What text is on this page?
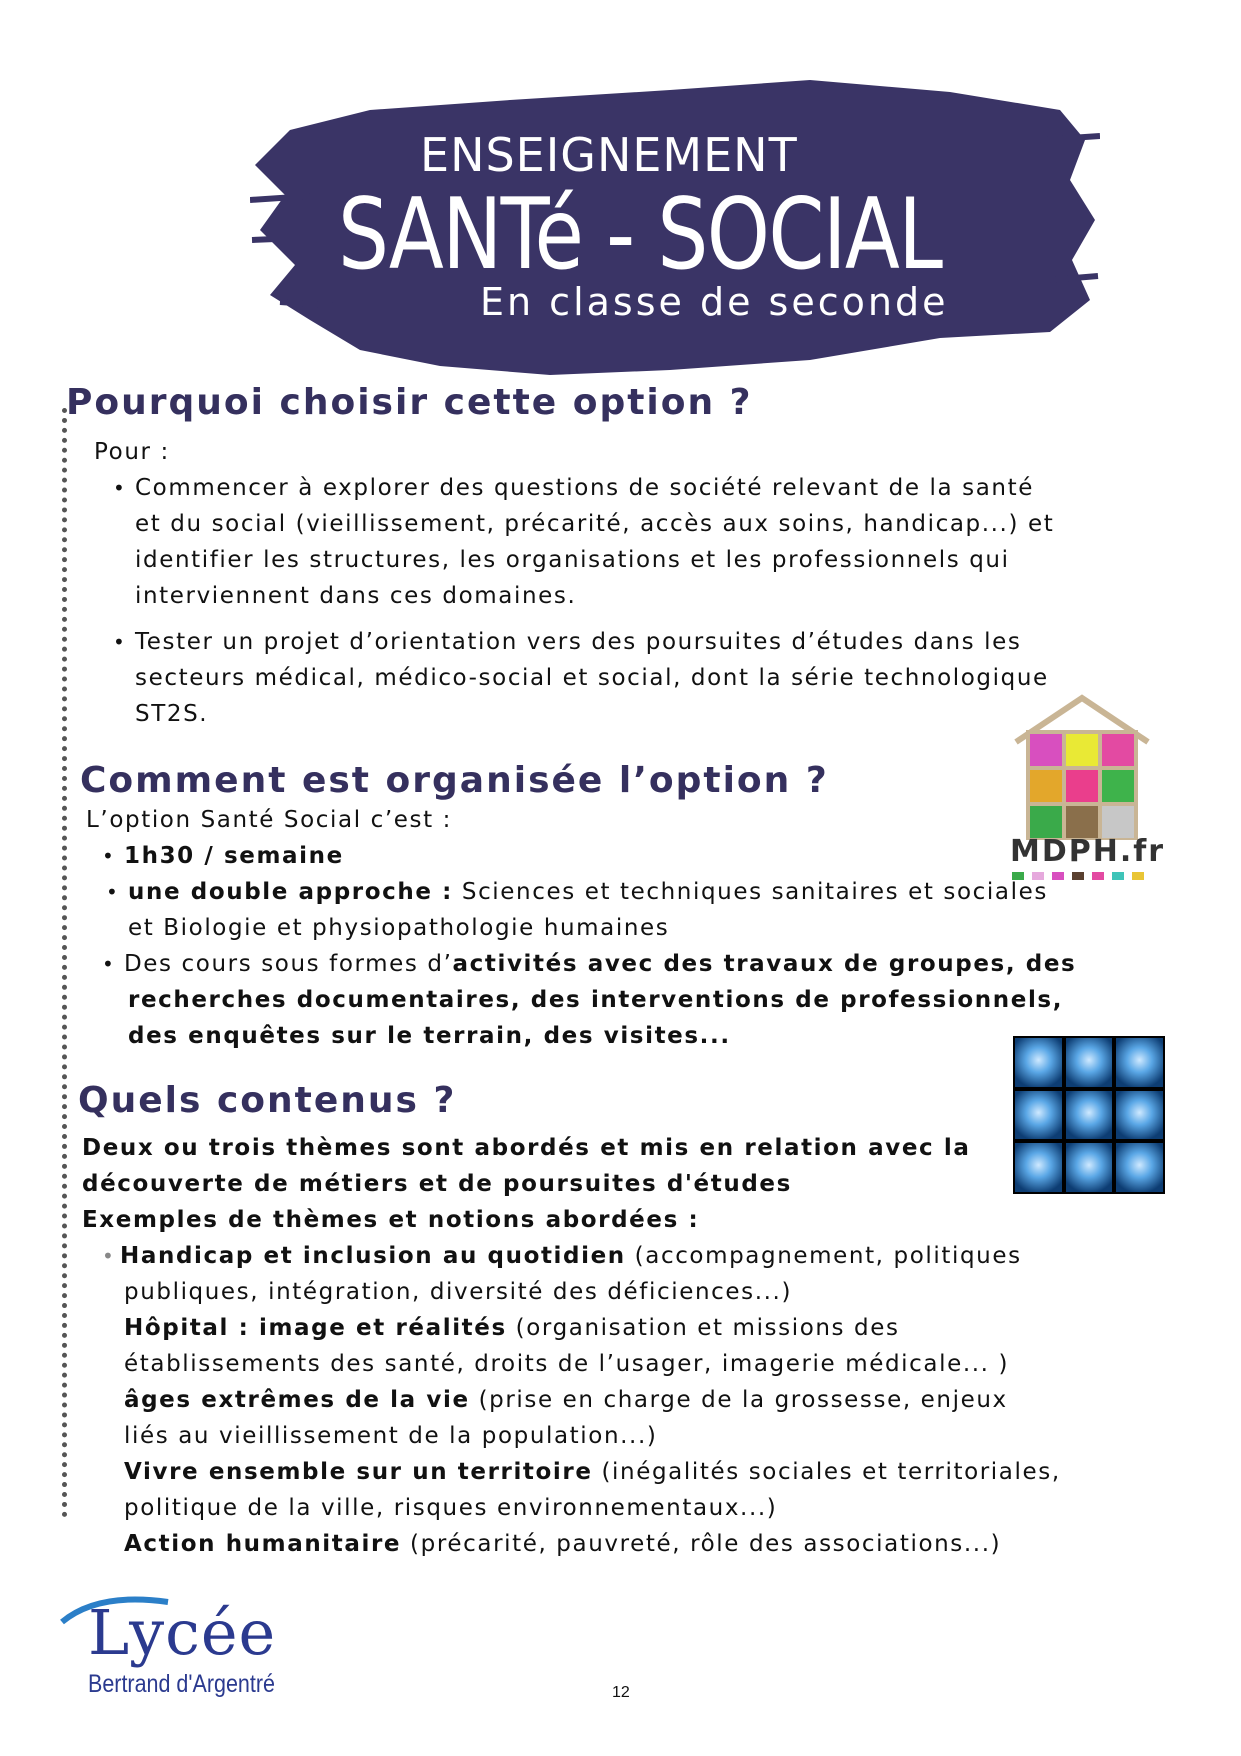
ENSEIGNEMENT
SANTé - SOCIAL
En classe de seconde
Pourquoi choisir cette option ?
Pour :
• Commencer à explorer des questions de société relevant de la santé
et du social (vieillissement, précarité, accès aux soins, handicap...) et
identifier les structures, les organisations et les professionnels qui
interviennent dans ces domaines.
• Tester un projet d’orientation vers des poursuites d’études dans les
secteurs médical, médico-social et social, dont la série technologique
ST2S.
MDPH.fr
Comment est organisée l’option ?
L’option Santé Social c’est :
• 1h30 / semaine
• une double approche : Sciences et techniques sanitaires et sociales
et Biologie et physiopathologie humaines
• Des cours sous formes d’activités avec des travaux de groupes, des
recherches documentaires, des interventions de professionnels,
des enquêtes sur le terrain, des visites...
Quels contenus ?
Deux ou trois thèmes sont abordés et mis en relation avec la
découverte de métiers et de poursuites d'études
Exemples de thèmes et notions abordées :
• Handicap et inclusion au quotidien (accompagnement, politiques
publiques, intégration, diversité des déficiences...)
Hôpital : image et réalités (organisation et missions des
établissements des santé, droits de l’usager, imagerie médicale... )
âges extrêmes de la vie (prise en charge de la grossesse, enjeux
liés au vieillissement de la population...)
Vivre ensemble sur un territoire (inégalités sociales et territoriales,
politique de la ville, risques environnementaux...)
Action humanitaire (précarité, pauvreté, rôle des associations...)
Lycée
Bertrand d'Argentré	12
